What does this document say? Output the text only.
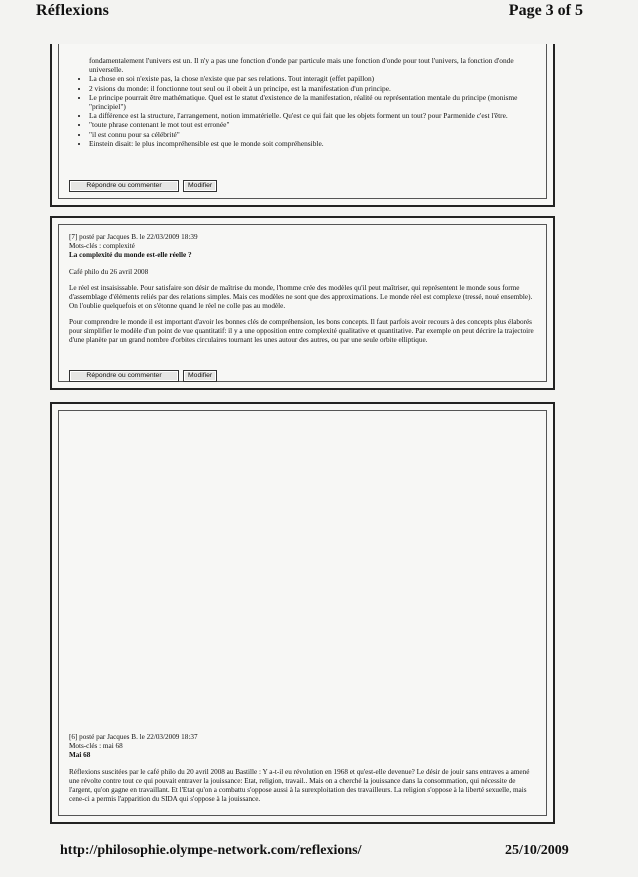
Réflexions	Page 3 of 5
fondamentalement l'univers est un. Il n'y a pas une fonction d'onde par particule mais une fonction d'onde pour tout l'univers, la fonction d'onde universelle.
• La chose en soi n'existe pas, la chose n'existe que par ses relations. Tout interagit (effet papillon)
• 2 visions du monde: il fonctionne tout seul ou il obeit à un principe, est la manifestation d'un principe.
• Le principe pourrait être mathématique. Quel est le statut d'existence de la manifestation, réalité ou représentation mentale du principe (monisme "principiel")
• La différence est la structure, l'arrangement, notion immatérielle. Qu'est ce qui fait que les objets forment un tout? pour Parmenide c'est l'être.
• "toute phrase contenant le mot tout est erronée"
• "il est connu pour sa célébrité"
• Einstein disait: le plus incompréhensible est que le monde soit compréhensible.
Répondre ou commenter	Modifier
[7] posté par Jacques B. le 22/03/2009 18:39
Mots-clés : complexité
La complexité du monde est-elle réelle ?

Café philo du 26 avril 2008

Le réel est insaisissable. Pour satisfaire son désir de maîtrise du monde, l'homme crée des modèles qu'il peut maîtriser, qui représentent le monde sous forme d'assemblage d'éléments reliés par des relations simples. Mais ces modèles ne sont que des approximations. Le monde réel est complexe (tressé, noué ensemble). On l'oublie quelquefois et on s'étonne quand le réel ne colle pas au modèle.

Pour comprendre le monde il est important d'avoir les bonnes clés de compréhension, les bons concepts. Il faut parfois avoir recours à des concepts plus élaborés pour simplifier le modèle d'un point de vue quantitatif: il y a une opposition entre complexité qualitative et quantitative. Par exemple on peut décrire la trajectoire d'une planète par un grand nombre d'orbites circulaires tournant les unes autour des autres, ou par une seule orbite elliptique.

Répondre ou commenter	Modifier
[6] posté par Jacques B. le 22/03/2009 18:37
Mots-clés : mai 68
Mai 68

Réflexions suscitées par le café philo du 20 avril 2008 au Bastille : Y a-t-il eu révolution en 1968 et qu'est-elle devenue? Le désir de jouir sans entraves a amené une révolte contre tout ce qui pouvait entraver la jouissance: Etat, religion, travail.. Mais on a cherché la jouissance dans la consommation, qui nécessite de l'argent, qu'on gagne en travaillant. Et l'Etat qu'on a combattu s'oppose aussi à la surexploitation des travailleurs. La religion s'oppose à la liberté sexuelle, mais cene-ci a permis l'apparition du SIDA qui s'oppose à la jouissance.

http://philosophie.olympe-network.com/reflexions/	25/10/2009
